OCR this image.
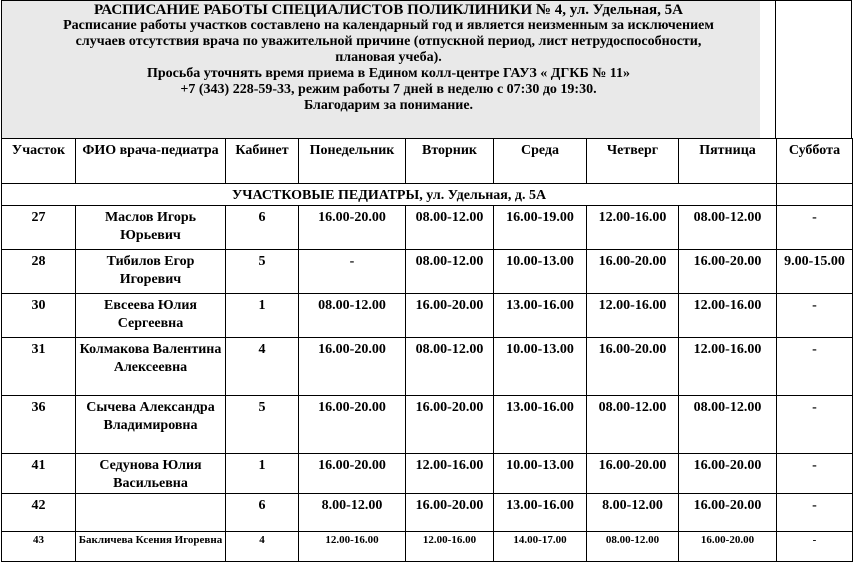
РАСПИСАНИЕ РАБОТЫ СПЕЦИАЛИСТОВ ПОЛИКЛИНИКИ № 4, ул. Удельная, 5А
Расписание работы участков составлено на календарный год и является неизменным за исключением
случаев отсутствия врача по уважительной причине (отпускной период, лист нетрудоспособности,
плановая учеба).
Просьба уточнять время приема в Едином колл-центре ГАУЗ « ДГКБ № 11»
+7 (343) 228-59-33, режим работы 7 дней в неделю с 07:30 до 19:30.
Благодарим за понимание.
Участок	ФИО врача-педиатра	Кабинет	Понедельник	Вторник	Среда	Четверг	Пятница	Суббота
УЧАСТКОВЫЕ ПЕДИАТРЫ, ул. Удельная, д. 5А								
27	Маслов Игорь Юрьевич	6	16.00-20.00	08.00-12.00	16.00-19.00	12.00-16.00	08.00-12.00	-
28	Тибилов Егор Игоревич	5	-	08.00-12.00	10.00-13.00	16.00-20.00	16.00-20.00	9.00-15.00
30	Евсеева Юлия Сергеевна	1	08.00-12.00	16.00-20.00	13.00-16.00	12.00-16.00	12.00-16.00	-
31	Колмакова Валентина Алексеевна	4	16.00-20.00	08.00-12.00	10.00-13.00	16.00-20.00	12.00-16.00	-
36	Сычева Александра Владимировна	5	16.00-20.00	16.00-20.00	13.00-16.00	08.00-12.00	08.00-12.00	-
41	Седунова Юлия Васильевна	1	16.00-20.00	12.00-16.00	10.00-13.00	16.00-20.00	16.00-20.00	-
42		6	8.00-12.00	16.00-20.00	13.00-16.00	8.00-12.00	16.00-20.00	-
43	Бакличева Ксения Игоревна	4	12.00-16.00	12.00-16.00	14.00-17.00	08.00-12.00	16.00-20.00	-
